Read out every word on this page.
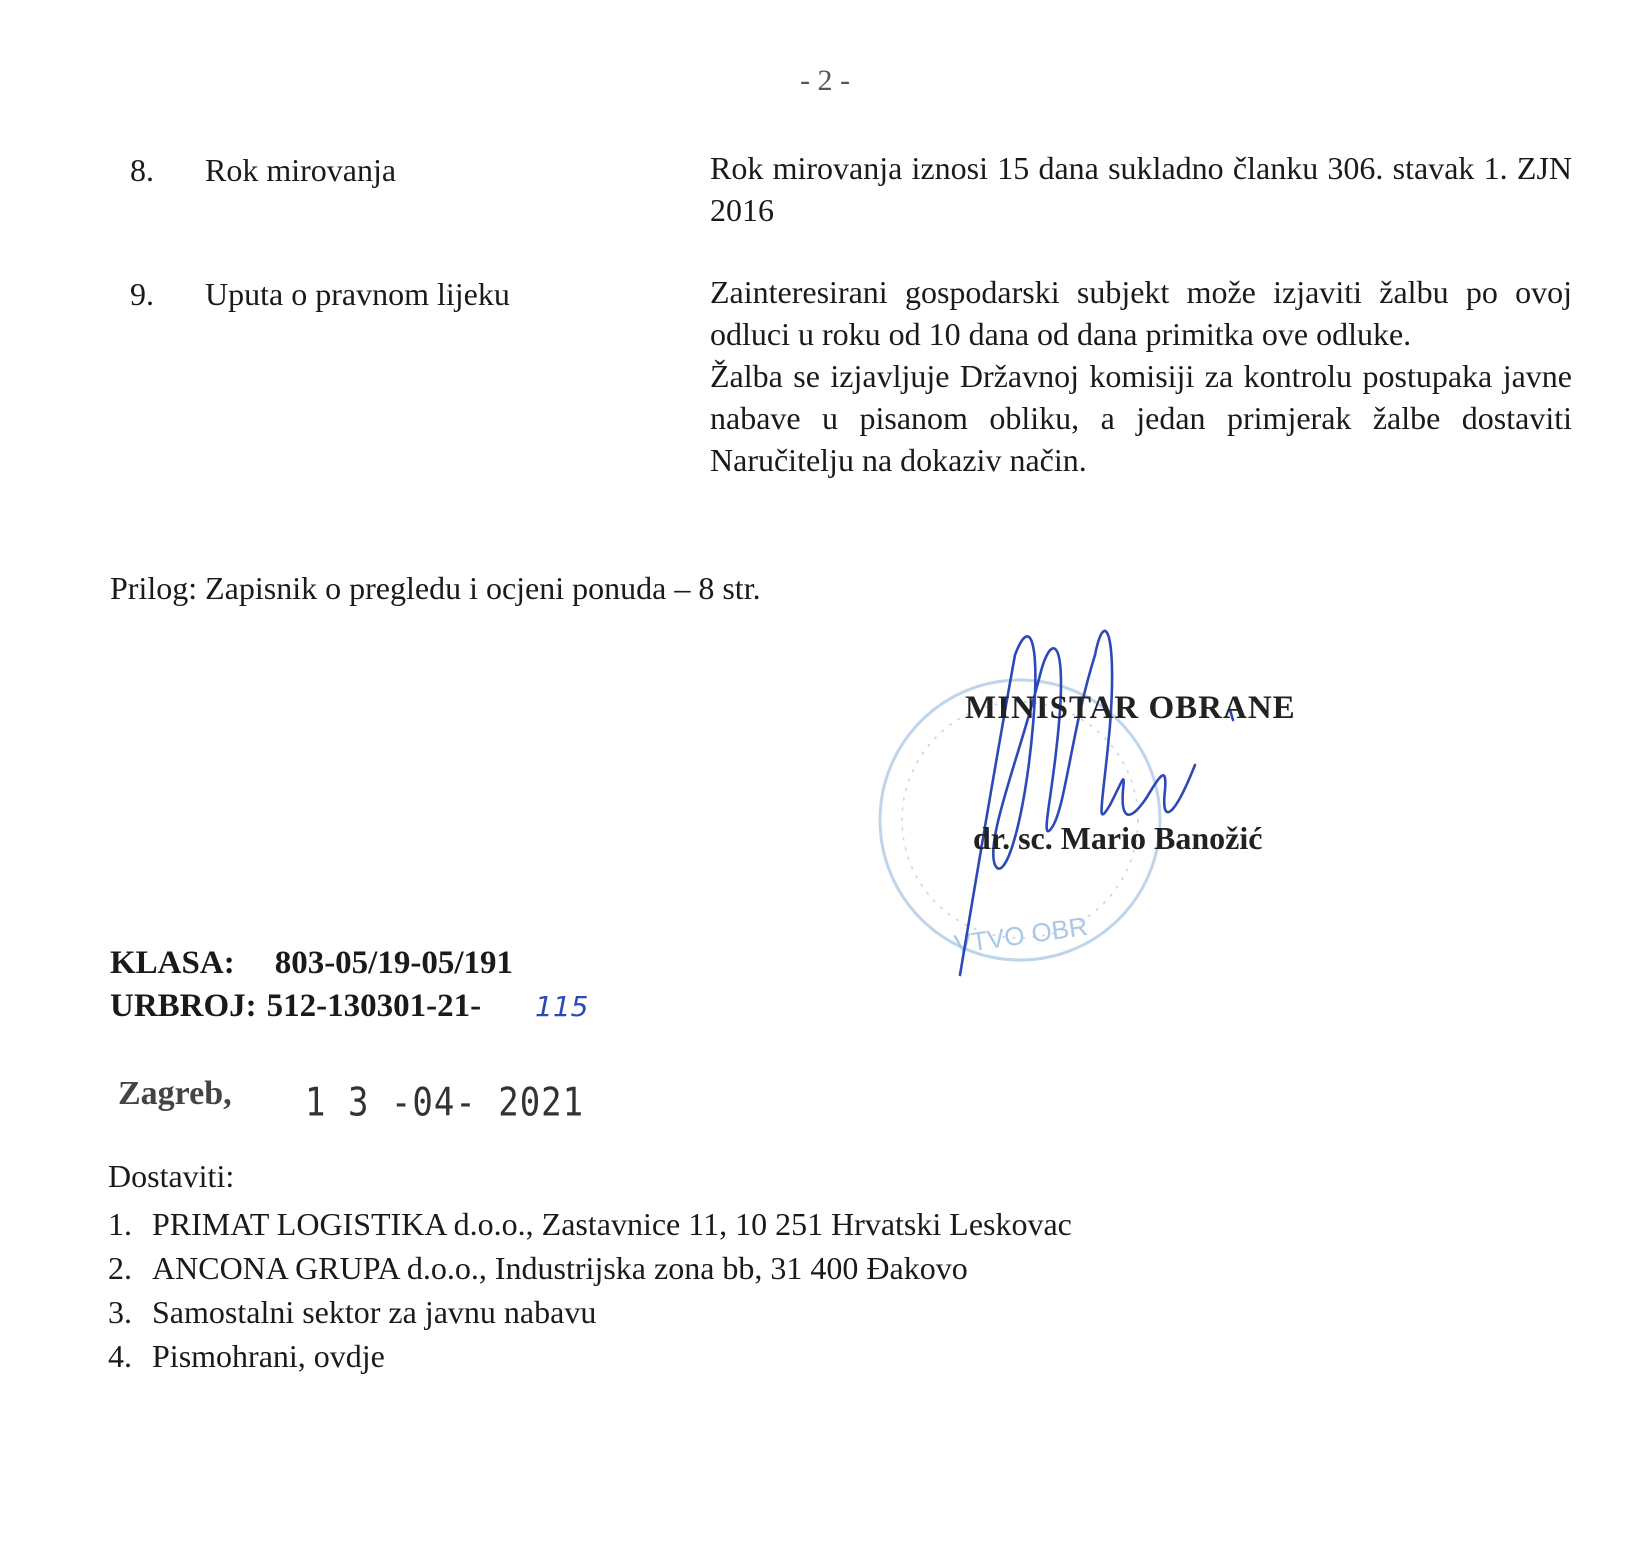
- 2 -
8. Rok mirovanja	Rok mirovanja iznosi 15 dana sukladno članku 306. stavak 1. ZJN 2016

9. Uputa o pravnom lijeku	Zainteresirani gospodarski subjekt može izjaviti žalbu po ovoj odluci u roku od 10 dana od dana primitka ove odluke.

Žalba se izjavljuje Državnoj komisiji za kontrolu postupaka javne nabave u pisanom obliku, a jedan primjerak žalbe dostaviti Naručitelju na dokaziv način.

Prilog: Zapisnik o pregledu i ocjeni ponuda – 8 str.
VTVO OBR
MINISTAR OBRANE
dr. sc. Mario Banožić
KLASA: 803-05/19-05/191
URBROJ: 512-130301-21- 115
Zagreb, 1 3 -04- 2021
Dostaviti:
1. PRIMAT LOGISTIKA d.o.o., Zastavnice 11, 10 251 Hrvatski Leskovac
2. ANCONA GRUPA d.o.o., Industrijska zona bb, 31 400 Đakovo
3. Samostalni sektor za javnu nabavu
4. Pismohrani, ovdje
